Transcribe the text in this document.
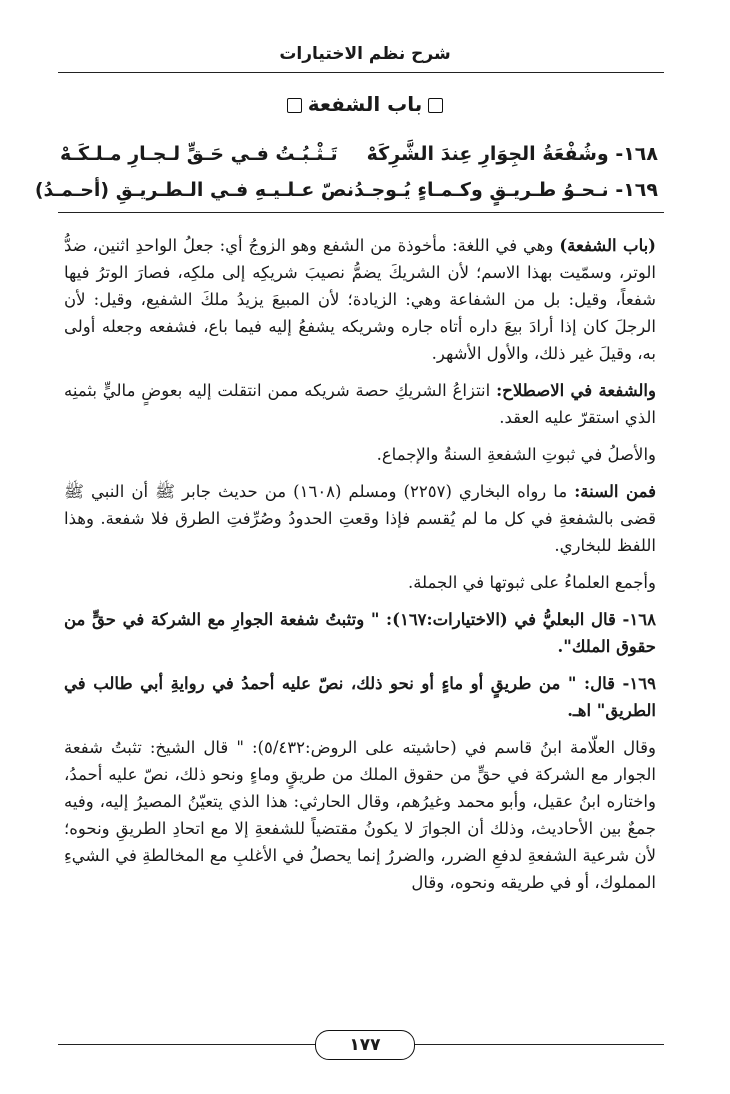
شرح نظم الاختيارات
باب الشفعة
١٦٨- وشُفْعَةُ الجِوَارِ عِندَ الشَّرِكَهْ
تَـثْـبُـتُ فـي حَـقٍّ لـجـارِ مـلـكَـهْ
١٦٩- نـحـوُ طـريـقٍ وكـمـاءٍ يُـوجـدُ
نصّ عـلـيـهِ فـي الـطـريـقِ (أحـمـدُ)

(باب الشفعة) وهي في اللغة: مأخوذة من الشفع وهو الزوجُ أي: جعلُ الواحدِ اثنين، ضدُّ الوتر، وسمّيت بهذا الاسم؛ لأن الشريكَ يضمُّ نصيبَ شريكِه إلى ملكِه، فصارَ الوترُ فيها شفعاً، وقيل: بل من الشفاعة وهي: الزيادة؛ لأن المبيعَ يزيدُ ملكَ الشفيع، وقيل: لأن الرجلَ كان إذا أرادَ بيعَ داره أتاه جاره وشريكه يشفعُ إليه فيما باع، فشفعه وجعله أولى به، وقيلَ غير ذلك، والأول الأشهر.

والشفعة في الاصطلاح: انتزاعُ الشريكِ حصة شريكه ممن انتقلت إليه بعوضٍ ماليٍّ بثمنِه الذي استقرّ عليه العقد.

والأصلُ في ثبوتِ الشفعةِ السنةُ والإجماع.

فمن السنة: ما رواه البخاري (٢٢٥٧) ومسلم (١٦٠٨) من حديث جابر ﷺ أن النبي ﷺ قضى بالشفعةِ في كل ما لم يُقسم فإذا وقعتِ الحدودُ وصُرِّفتِ الطرق فلا شفعة. وهذا اللفظ للبخاري.

وأجمع العلماءُ على ثبوتها في الجملة.

١٦٨- قال البعليُّ في (الاختيارات:١٦٧): " وتثبتُ شفعة الجوارِ مع الشركة في حقٍّ من حقوق الملك".

١٦٩- قال: " من طريقٍ أو ماءٍ أو نحو ذلك، نصّ عليه أحمدُ في روايةِ أبي طالب في الطريق" اهـ.

وقال العلّامة ابنُ قاسم في (حاشيته على الروض:٥/٤٣٢): " قال الشيخ: تثبتُ شفعة الجوار مع الشركة في حقٍّ من حقوق الملك من طريقٍ وماءٍ ونحو ذلك، نصّ عليه أحمدُ، واختاره ابنُ عقيل، وأبو محمد وغيرُهم، وقال الحارثي: هذا الذي يتعيّنُ المصيرُ إليه، وفيه جمعٌ بين الأحاديث، وذلك أن الجوارَ لا يكونُ مقتضياً للشفعةِ إلا مع اتحادِ الطريقِ ونحوه؛ لأن شرعية الشفعةِ لدفعِ الضرر، والضررُ إنما يحصلُ في الأغلبِ مع المخالطةِ في الشيءِ المملوك، أو في طريقه ونحوه، وقال

١٧٧
